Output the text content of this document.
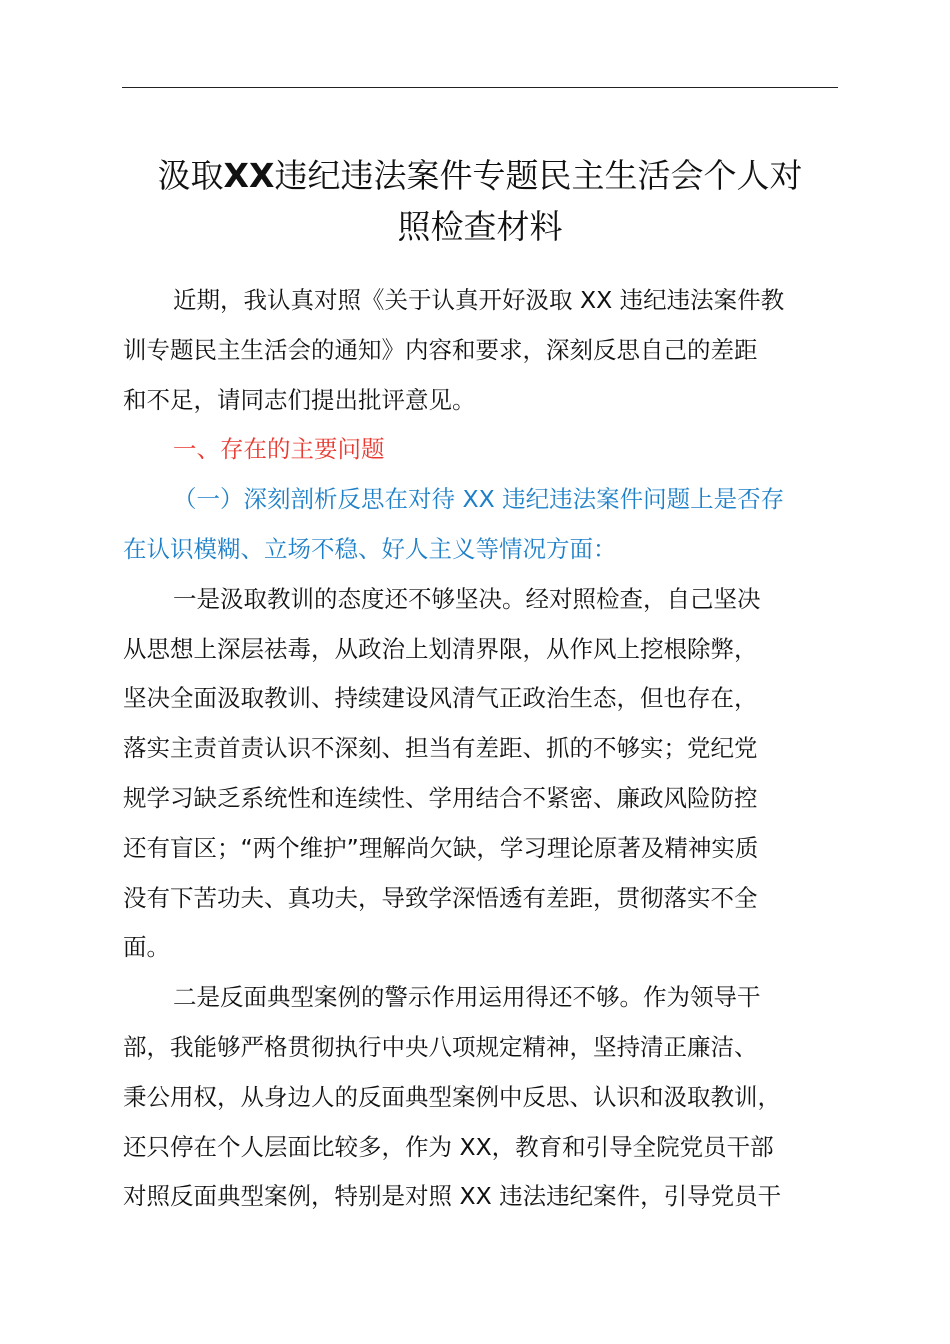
汲取XX违纪违法案件专题民主生活会个人对
照检查材料

近期，我认真对照《关于认真开好汲取 XX 违纪违法案件教
训专题民主生活会的通知》内容和要求，深刻反思自己的差距
和不足，请同志们提出批评意见。

一、存在的主要问题

（一）深刻剖析反思在对待 XX 违纪违法案件问题上是否存
在认识模糊、立场不稳、好人主义等情况方面：

一是汲取教训的态度还不够坚决。经对照检查，自己坚决
从思想上深层祛毒，从政治上划清界限，从作风上挖根除弊，
坚决全面汲取教训、持续建设风清气正政治生态，但也存在，
落实主责首责认识不深刻、担当有差距、抓的不够实；党纪党
规学习缺乏系统性和连续性、学用结合不紧密、廉政风险防控
还有盲区；“两个维护”理解尚欠缺，学习理论原著及精神实质
没有下苦功夫、真功夫，导致学深悟透有差距，贯彻落实不全
面。

二是反面典型案例的警示作用运用得还不够。作为领导干
部，我能够严格贯彻执行中央八项规定精神，坚持清正廉洁、
秉公用权，从身边人的反面典型案例中反思、认识和汲取教训，
还只停在个人层面比较多，作为 XX，教育和引导全院党员干部
对照反面典型案例，特别是对照 XX 违法违纪案件，引导党员干
